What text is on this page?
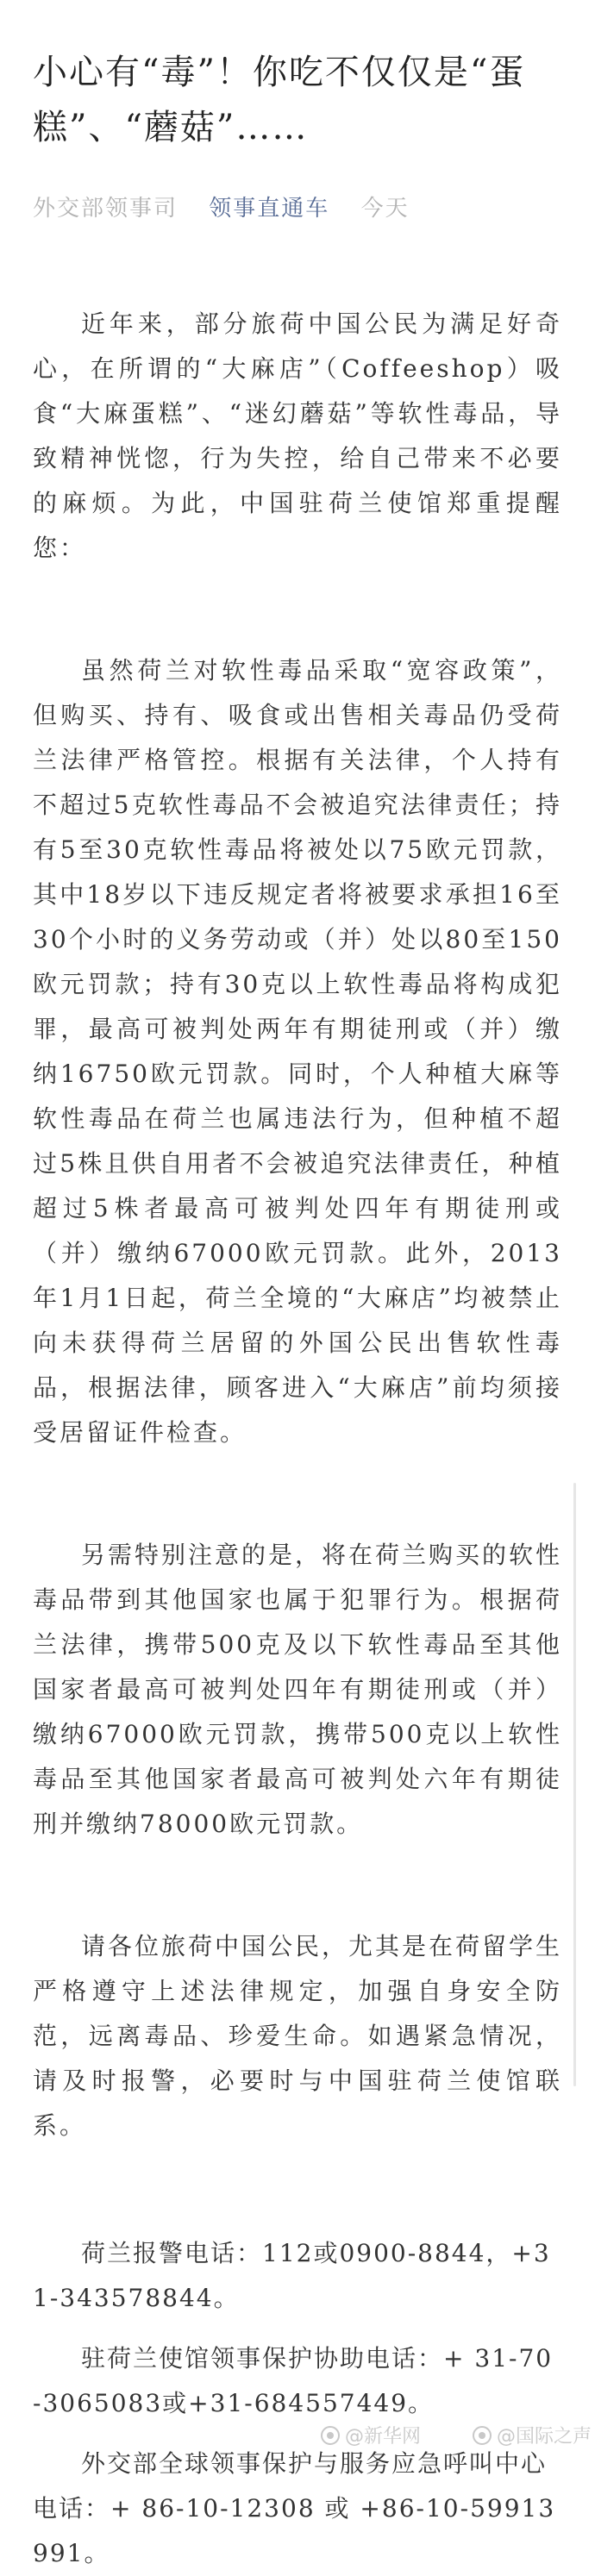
小心有“毒”！你吃不仅仅是“蛋糕”、“蘑菇”……
外交部领事司 领事直通车 今天

近年来，部分旅荷中国公民为满足好奇心，在所谓的“大麻店”（Coffeeshop）吸食“大麻蛋糕”、“迷幻蘑菇”等软性毒品，导致精神恍惚，行为失控，给自己带来不必要的麻烦。为此，中国驻荷兰使馆郑重提醒您：

虽然荷兰对软性毒品采取“宽容政策”，但购买、持有、吸食或出售相关毒品仍受荷兰法律严格管控。根据有关法律，个人持有不超过5克软性毒品不会被追究法律责任；持有5至30克软性毒品将被处以75欧元罚款，其中18岁以下违反规定者将被要求承担16至30个小时的义务劳动或（并）处以80至150欧元罚款；持有30克以上软性毒品将构成犯罪，最高可被判处两年有期徒刑或（并）缴纳16750欧元罚款。同时，个人种植大麻等软性毒品在荷兰也属违法行为，但种植不超过5株且供自用者不会被追究法律责任，种植超过5株者最高可被判处四年有期徒刑或（并）缴纳67000欧元罚款。此外，2013年1月1日起，荷兰全境的“大麻店”均被禁止向未获得荷兰居留的外国公民出售软性毒品，根据法律，顾客进入“大麻店”前均须接受居留证件检查。

另需特别注意的是，将在荷兰购买的软性毒品带到其他国家也属于犯罪行为。根据荷兰法律，携带500克及以下软性毒品至其他国家者最高可被判处四年有期徒刑或（并）缴纳67000欧元罚款，携带500克以上软性毒品至其他国家者最高可被判处六年有期徒刑并缴纳78000欧元罚款。

请各位旅荷中国公民，尤其是在荷留学生严格遵守上述法律规定，加强自身安全防范，远离毒品、珍爱生命。如遇紧急情况，请及时报警，必要时与中国驻荷兰使馆联系。

荷兰报警电话：112或0900-8844，+31-343578844。

驻荷兰使馆领事保护协助电话：+ 31-70-3065083或+31-684557449。

外交部全球领事保护与服务应急呼叫中心电话：+ 86-10-12308 或 +86-10-59913991。

@新华网	@国际之声
